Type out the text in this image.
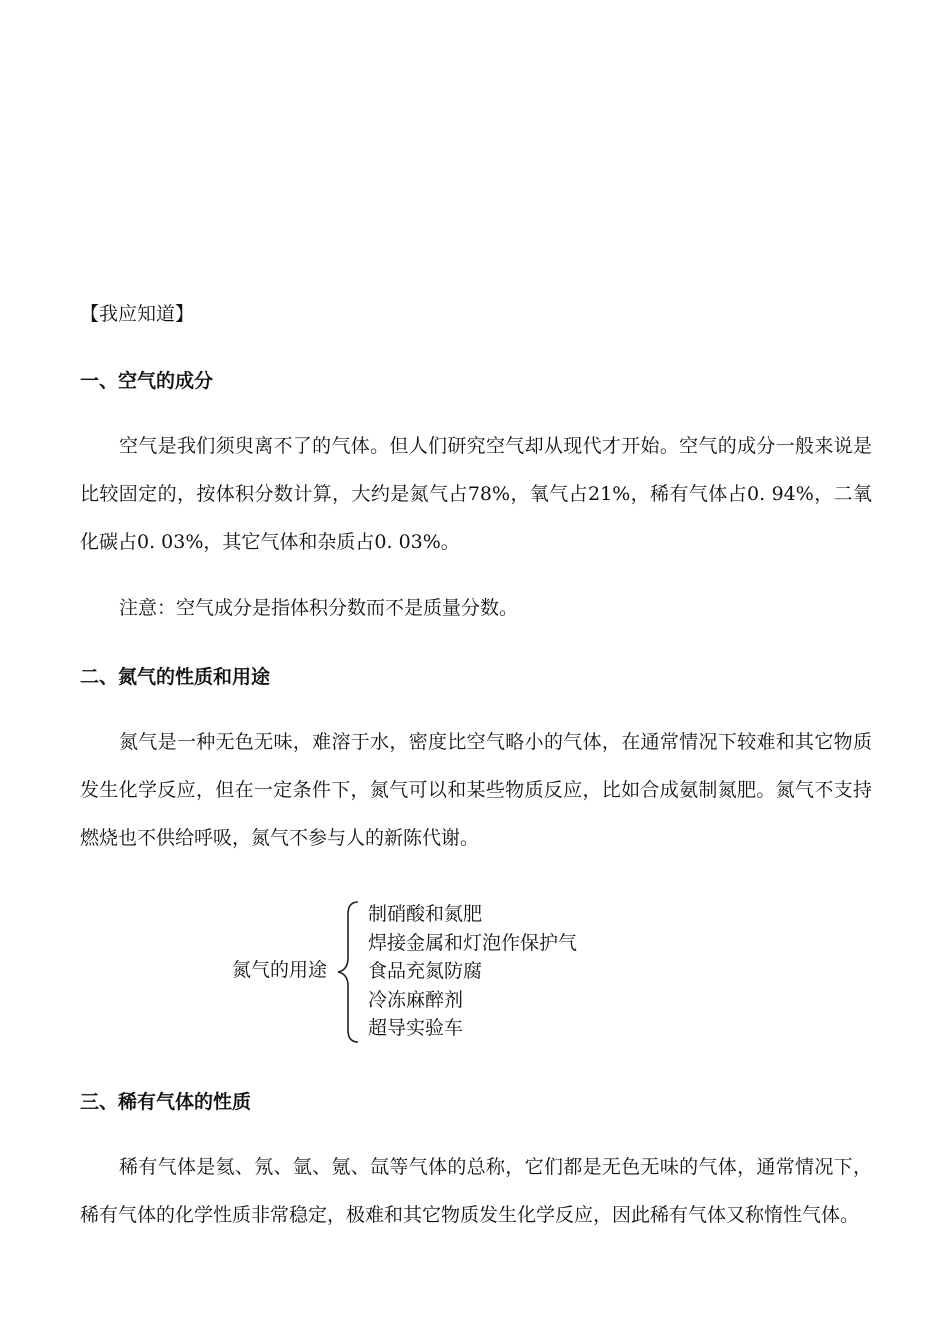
【我应知道】
一、空气的成分

空气是我们须臾离不了的气体。但人们研究空气却从现代才开始。空气的成分一般来说是比较固定的，按体积分数计算，大约是氮气占78%，氧气占21%，稀有气体占0. 94%，二氧化碳占0. 03%，其它气体和杂质占0. 03%。

注意：空气成分是指体积分数而不是质量分数。

二、氮气的性质和用途

氮气是一种无色无味，难溶于水，密度比空气略小的气体，在通常情况下较难和其它物质发生化学反应，但在一定条件下，氮气可以和某些物质反应，比如合成氨制氮肥。氮气不支持燃烧也不供给呼吸，氮气不参与人的新陈代谢。

氮气的用途
制硝酸和氮肥
焊接金属和灯泡作保护气
食品充氮防腐
冷冻麻醉剂
超导实验车
三、稀有气体的性质

稀有气体是氦、氖、氩、氪、氙等气体的总称，它们都是无色无味的气体，通常情况下，稀有气体的化学性质非常稳定，极难和其它物质发生化学反应，因此稀有气体又称惰性气体。
